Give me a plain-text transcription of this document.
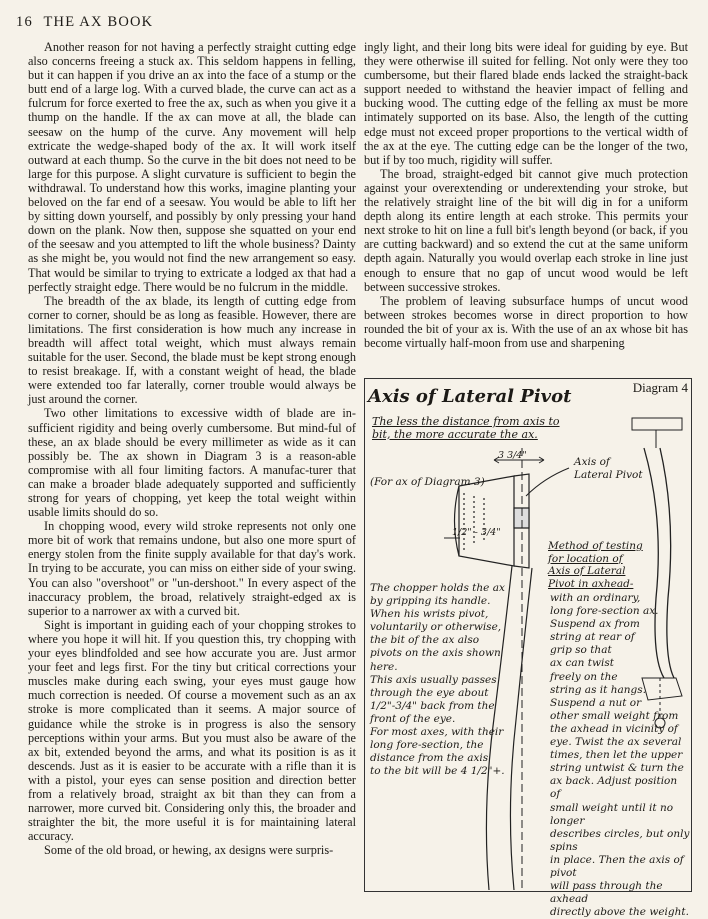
16 THE AX BOOK

Another reason for not having a perfectly straight cutting edge also concerns freeing a stuck ax. This seldom happens in felling, but it can happen if you drive an ax into the face of a stump or the butt end of a large log. With a curved blade, the curve can act as a fulcrum for force exerted to free the ax, such as when you give it a thump on the handle. If the ax can move at all, the blade can seesaw on the hump of the curve. Any movement will help extricate the wedge-shaped body of the ax. It will work itself outward at each thump. So the curve in the bit does not need to be large for this purpose. A slight curvature is sufficient to begin the withdrawal. To understand how this works, imagine planting your beloved on the far end of a seesaw. You would be able to lift her by sitting down yourself, and possibly by only pressing your hand down on the plank. Now then, suppose she squatted on your end of the seesaw and you attempted to lift the whole business? Dainty as she might be, you would not find the new arrangement so easy. That would be similar to trying to extricate a lodged ax that had a perfectly straight edge. There would be no fulcrum in the middle.

The breadth of the ax blade, its length of cutting edge from corner to corner, should be as long as feasible. However, there are limitations. The first consideration is how much any increase in breadth will affect total weight, which must always remain suitable for the user. Second, the blade must be kept strong enough to resist breakage. If, with a constant weight of head, the blade were extended too far laterally, corner trouble would always be just around the corner.

Two other limitations to excessive width of blade are in-sufficient rigidity and being overly cumbersome. But mind-ful of these, an ax blade should be every millimeter as wide as it can possibly be. The ax shown in Diagram 3 is a reason-able compromise with all four limiting factors. A manufac-turer that can make a broader blade adequately supported and sufficiently strong for years of chopping, yet keep the total weight within usable limits should do so.

In chopping wood, every wild stroke represents not only one more bit of work that remains undone, but also one more spurt of energy stolen from the finite supply available for that day's work. In trying to be accurate, you can miss on either side of your swing. You can also "overshoot" or "un-dershoot." In every aspect of the inaccuracy problem, the broad, relatively straight-edged ax is superior to a narrower ax with a curved bit.

Sight is important in guiding each of your chopping strokes to where you hope it will hit. If you question this, try chopping with your eyes blindfolded and see how accurate you are. Just armor your feet and legs first. For the tiny but critical corrections your muscles make during each swing, your eyes must gauge how much correction is needed. Of course a movement such as an ax stroke is more complicated than it seems. A major source of guidance while the stroke is in progress is also the sensory perceptions within your arms. But you must also be aware of the ax bit, extended beyond the arms, and what its position is as it descends. Just as it is easier to be accurate with a rifle than it is with a pistol, your eyes can sense position and direction better from a relatively broad, straight ax bit than they can from a narrower, more curved bit. Considering only this, the broader and straighter the bit, the more useful it is for maintaining lateral accuracy.

Some of the old broad, or hewing, ax designs were surpris-

ingly light, and their long bits were ideal for guiding by eye. But they were otherwise ill suited for felling. Not only were they too cumbersome, but their flared blade ends lacked the straight-back support needed to withstand the heavier impact of felling and bucking wood. The cutting edge of the felling ax must be more intimately supported on its base. Also, the length of the cutting edge must not exceed proper proportions to the vertical width of the ax at the eye. The cutting edge can be the longer of the two, but if by too much, rigidity will suffer.

The broad, straight-edged bit cannot give much protection against your overextending or underextending your stroke, but the relatively straight line of the bit will dig in for a uniform depth along its entire length at each stroke. This permits your next stroke to hit on line a full bit's length beyond (or back, if you are cutting backward) and so extend the cut at the same uniform depth again. Naturally you would overlap each stroke in line just enough to ensure that no gap of uncut wood would be left between successive strokes.

The problem of leaving subsurface humps of uncut wood between strokes becomes worse in direct proportion to how rounded the bit of your ax is. With the use of an ax whose bit has become virtually half-moon from use and sharpening

Diagram 4
Axis of Lateral Pivot
The less the distance from axis to
bit, the more accurate the ax.
3 3/4"
Axis of
Lateral Pivot
(For ax of Diagram 3)
1/2" - 3/4"
Method of testing
for location of
Axis of Lateral
Pivot in axhead-
The chopper holds the ax
by gripping its handle.
When his wrists pivot,
voluntarily or otherwise,
the bit of the ax also
pivots on the axis shown
here.
This axis usually passes
through the eye about
1/2"-3/4" back from the
front of the eye.
For most axes, with their
long fore-section, the
distance from the axis
to the bit will be 4 1/2"+.
with an ordinary,
long fore-section ax.
Suspend ax from
string at rear of
grip so that
ax can twist
freely on the
string as it hangs.
Suspend a nut or
other small weight from
the axhead in vicinity of
eye. Twist the ax several
times, then let the upper
string untwist & turn the
ax back. Adjust position of
small weight until it no longer
describes circles, but only spins
in place. Then the axis of pivot
will pass through the axhead
directly above the weight.
